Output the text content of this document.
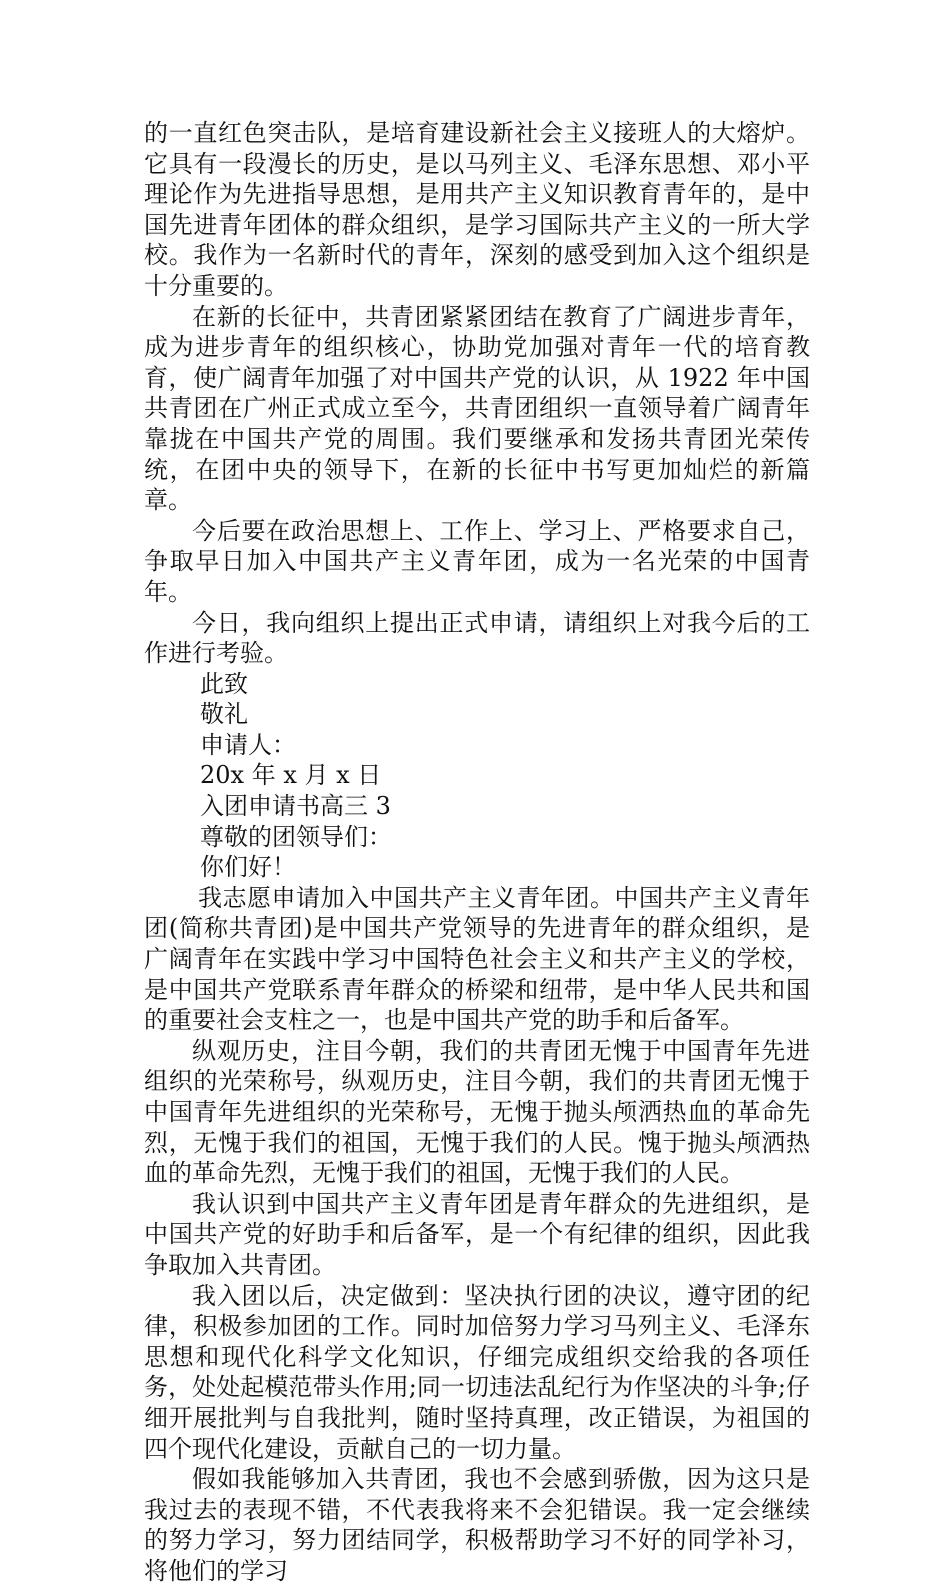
的一直红色突击队，是培育建设新社会主义接班人的大熔炉。它具有一段漫长的历史，是以马列主义、毛泽东思想、邓小平理论作为先进指导思想，是用共产主义知识教育青年的，是中国先进青年团体的群众组织，是学习国际共产主义的一所大学校。我作为一名新时代的青年，深刻的感受到加入这个组织是十分重要的。

在新的长征中，共青团紧紧团结在教育了广阔进步青年，成为进步青年的组织核心，协助党加强对青年一代的培育教育，使广阔青年加强了对中国共产党的认识，从 1922 年中国共青团在广州正式成立至今，共青团组织一直领导着广阔青年靠拢在中国共产党的周围。我们要继承和发扬共青团光荣传统，在团中央的领导下，在新的长征中书写更加灿烂的新篇章。

今后要在政治思想上、工作上、学习上、严格要求自己，争取早日加入中国共产主义青年团，成为一名光荣的中国青年。

今日，我向组织上提出正式申请，请组织上对我今后的工作进行考验。

此致

敬礼

申请人：

20x 年 x 月 x 日

入团申请书高三 3

尊敬的团领导们：

你们好！

我志愿申请加入中国共产主义青年团。中国共产主义青年团(简称共青团)是中国共产党领导的先进青年的群众组织，是广阔青年在实践中学习中国特色社会主义和共产主义的学校，是中国共产党联系青年群众的桥梁和纽带，是中华人民共和国的重要社会支柱之一，也是中国共产党的助手和后备军。

纵观历史，注目今朝，我们的共青团无愧于中国青年先进组织的光荣称号，纵观历史，注目今朝，我们的共青团无愧于中国青年先进组织的光荣称号，无愧于抛头颅洒热血的革命先烈，无愧于我们的祖国，无愧于我们的人民。愧于抛头颅洒热血的革命先烈，无愧于我们的祖国，无愧于我们的人民。

我认识到中国共产主义青年团是青年群众的先进组织，是中国共产党的好助手和后备军，是一个有纪律的组织，因此我争取加入共青团。

我入团以后，决定做到：坚决执行团的决议，遵守团的纪律，积极参加团的工作。同时加倍努力学习马列主义、毛泽东思想和现代化科学文化知识，仔细完成组织交给我的各项任务，处处起模范带头作用;同一切违法乱纪行为作坚决的斗争;仔细开展批判与自我批判，随时坚持真理，改正错误，为祖国的四个现代化建设，贡献自己的一切力量。

假如我能够加入共青团，我也不会感到骄傲，因为这只是我过去的表现不错，不代表我将来不会犯错误。我一定会继续的努力学习，努力团结同学，积极帮助学习不好的同学补习，将他们的学习
